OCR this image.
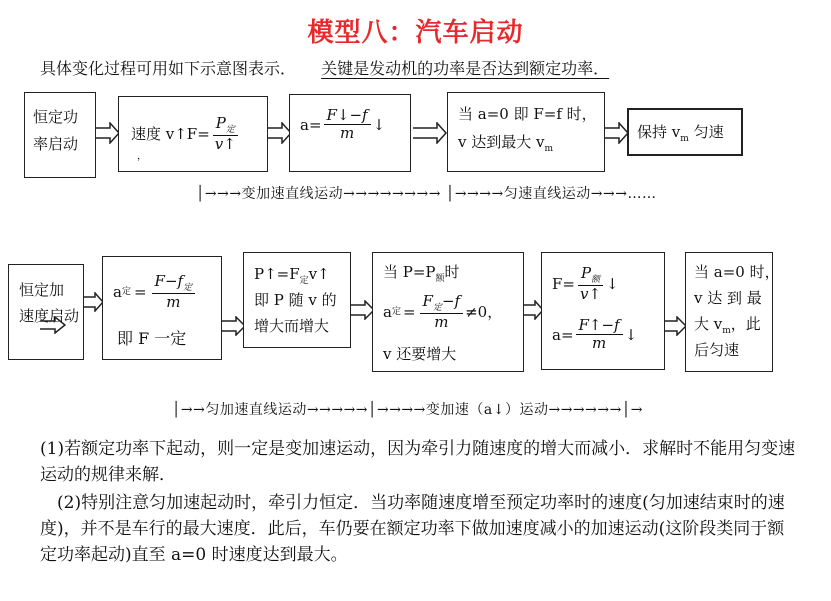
模型八：汽车启动
具体变化过程可用如下示意图表示． 关键是发动机的功率是否达到额定功率．
恒定功
率启动
速度 v↑F= $\frac{P_定}{v↑}$
，
$a= \frac{F↓-f}{m}$ ↓
当 a=0 即 F=f 时，
v 达到最大 $v_m$
保持 $v_m$ 匀速
│→→→变加速直线运动→→→→→→→→ │→→→→匀速直线运动→→→……
恒定加
速度启动
a 定 = $\frac{F-f_定}{m}$
即 F 一定
$P↑=F_定v↑$
即 P 随 v 的
增大而增大
当 $P=P_额$时
a 定 = $\frac{F_定-f}{m} \ne 0$，
v 还要增大
$F= \frac{P_额}{v↑}$ ↓
$a= \frac{F↑-f}{m}$ ↓
当 a=0 时，
v 达 到 最
大 $v_m$，此
后匀速
│→→匀加速直线运动→→→→→│→→→→变加速（a↓）运动→→→→→→│→
(1)若额定功率下起动，则一定是变加速运动，因为牵引力随速度的增大而减小．求解时不能用匀变速运动的规律来解．
(2)特别注意匀加速起动时，牵引力恒定．当功率随速度增至预定功率时的速度(匀加速结束时的速度)，并不是车行的最大速度．此后，车仍要在额定功率下做加速度减小的加速运动(这阶段类同于额定功率起动)直至 a=0 时速度达到最大。
